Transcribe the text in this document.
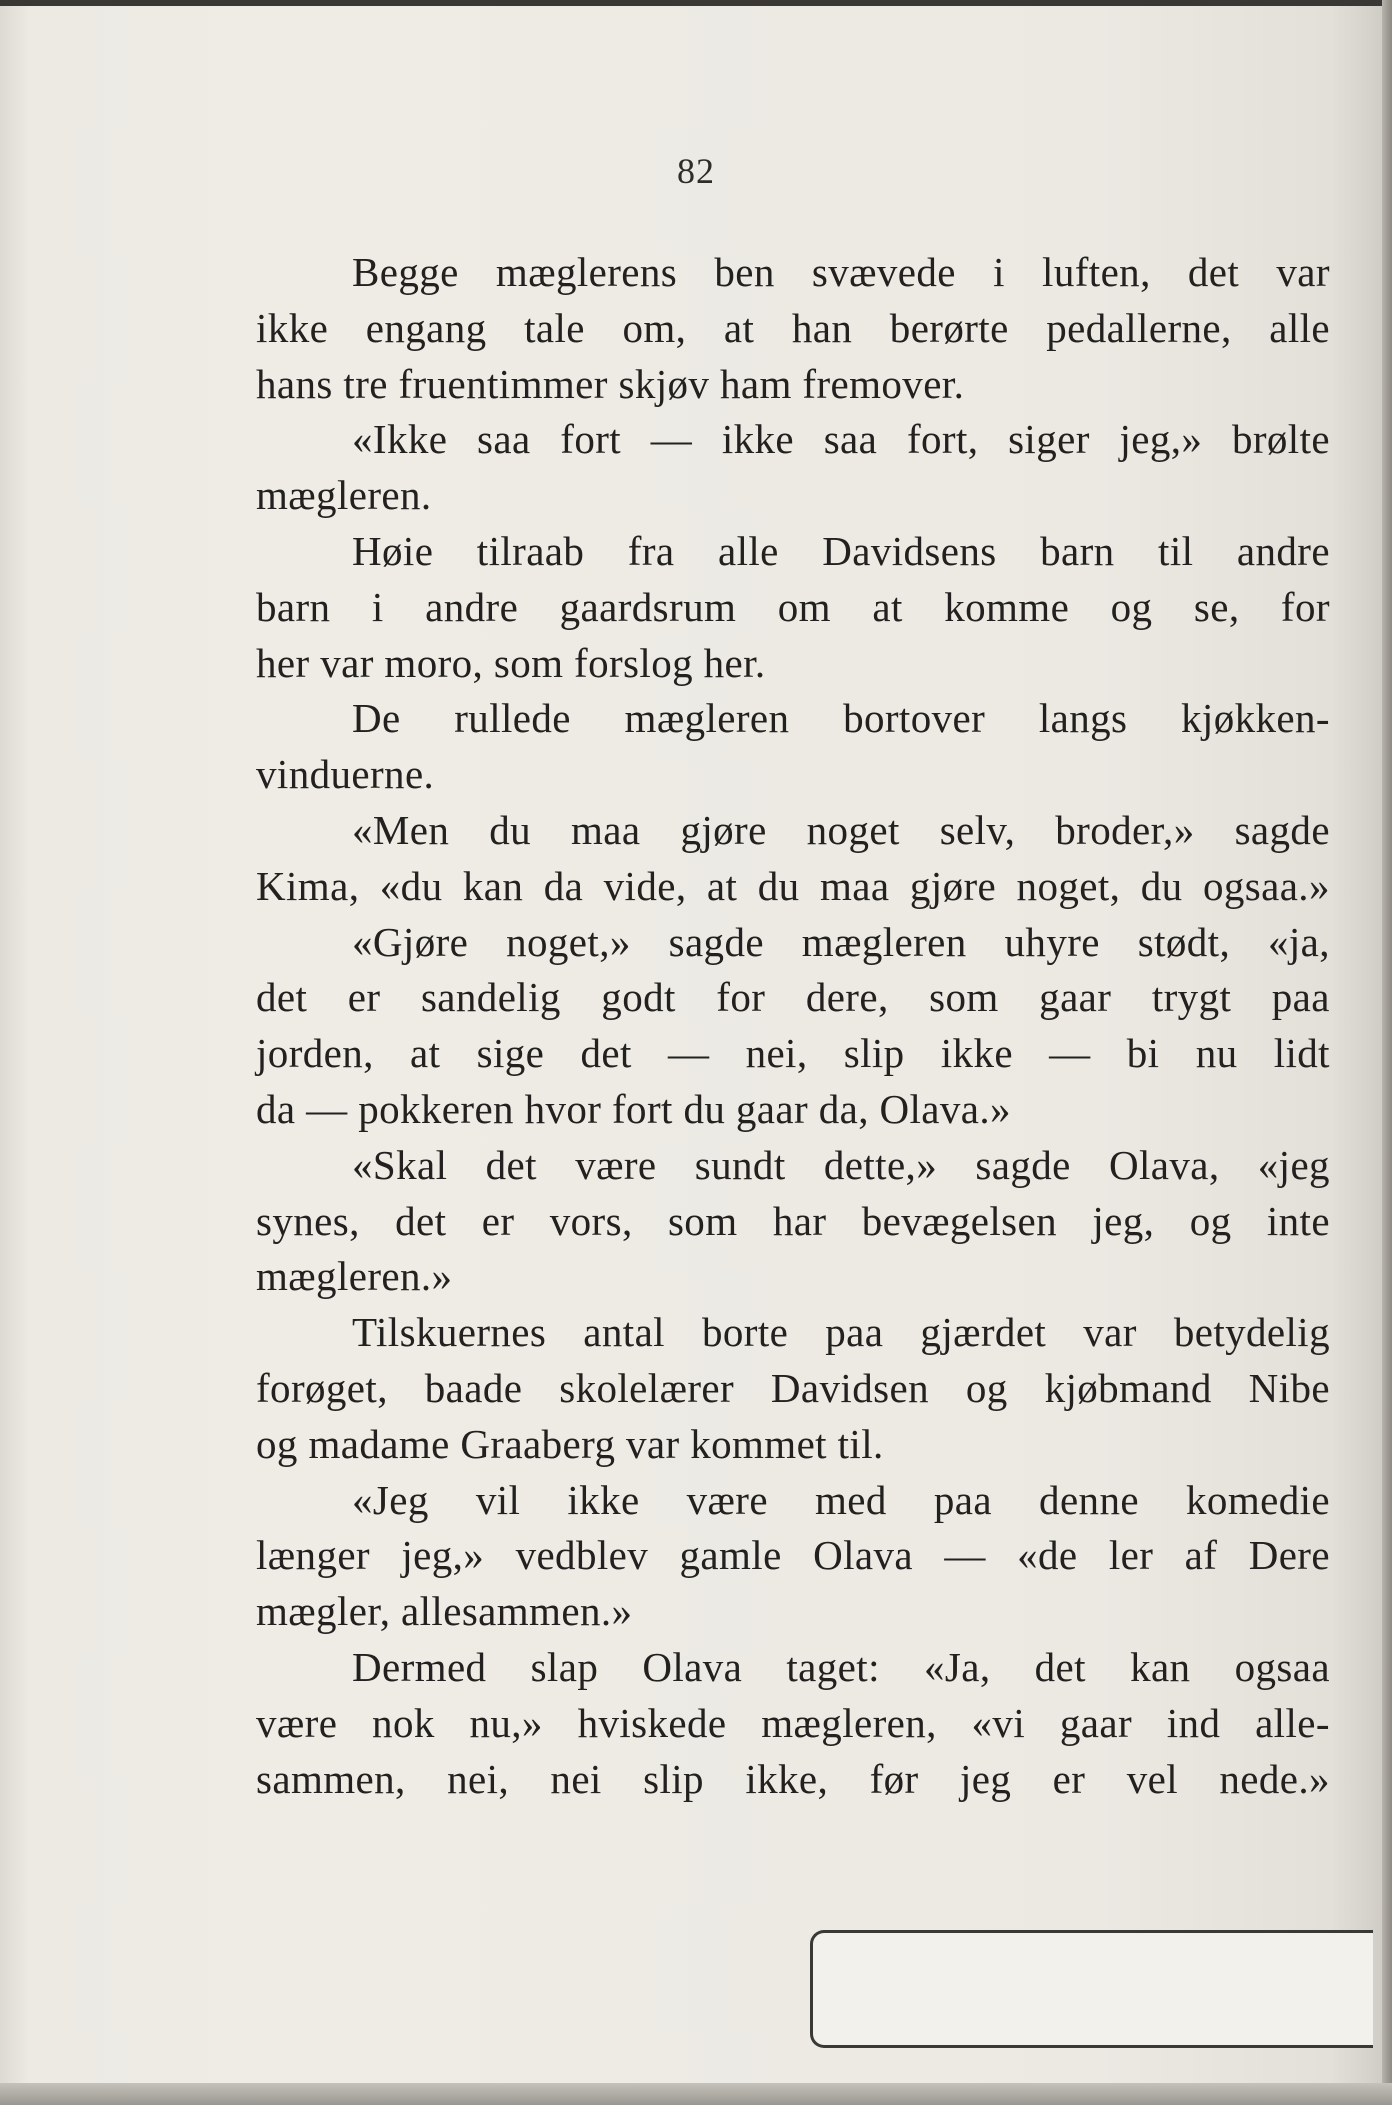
82
Begge mæglerens ben svævede i luften, det var
ikke engang tale om, at han berørte pedallerne, alle
hans tre fruentimmer skjøv ham fremover.
«Ikke saa fort — ikke saa fort, siger jeg,» brølte
mægleren.
Høie tilraab fra alle Davidsens barn til andre
barn i andre gaardsrum om at komme og se, for
her var moro, som forslog her.
De rullede mægleren bortover langs kjøkken-
vinduerne.
«Men du maa gjøre noget selv, broder,» sagde
Kima, «du kan da vide, at du maa gjøre noget, du ogsaa.»
«Gjøre noget,» sagde mægleren uhyre stødt, «ja,
det er sandelig godt for dere, som gaar trygt paa
jorden, at sige det — nei, slip ikke — bi nu lidt
da — pokkeren hvor fort du gaar da, Olava.»
«Skal det være sundt dette,» sagde Olava, «jeg
synes, det er vors, som har bevægelsen jeg, og inte
mægleren.»
Tilskuernes antal borte paa gjærdet var betydelig
forøget, baade skolelærer Davidsen og kjøbmand Nibe
og madame Graaberg var kommet til.
«Jeg vil ikke være med paa denne komedie
længer jeg,» vedblev gamle Olava — «de ler af Dere
mægler, allesammen.»
Dermed slap Olava taget: «Ja, det kan ogsaa
være nok nu,» hviskede mægleren, «vi gaar ind alle-
sammen, nei, nei slip ikke, før jeg er vel nede.»
